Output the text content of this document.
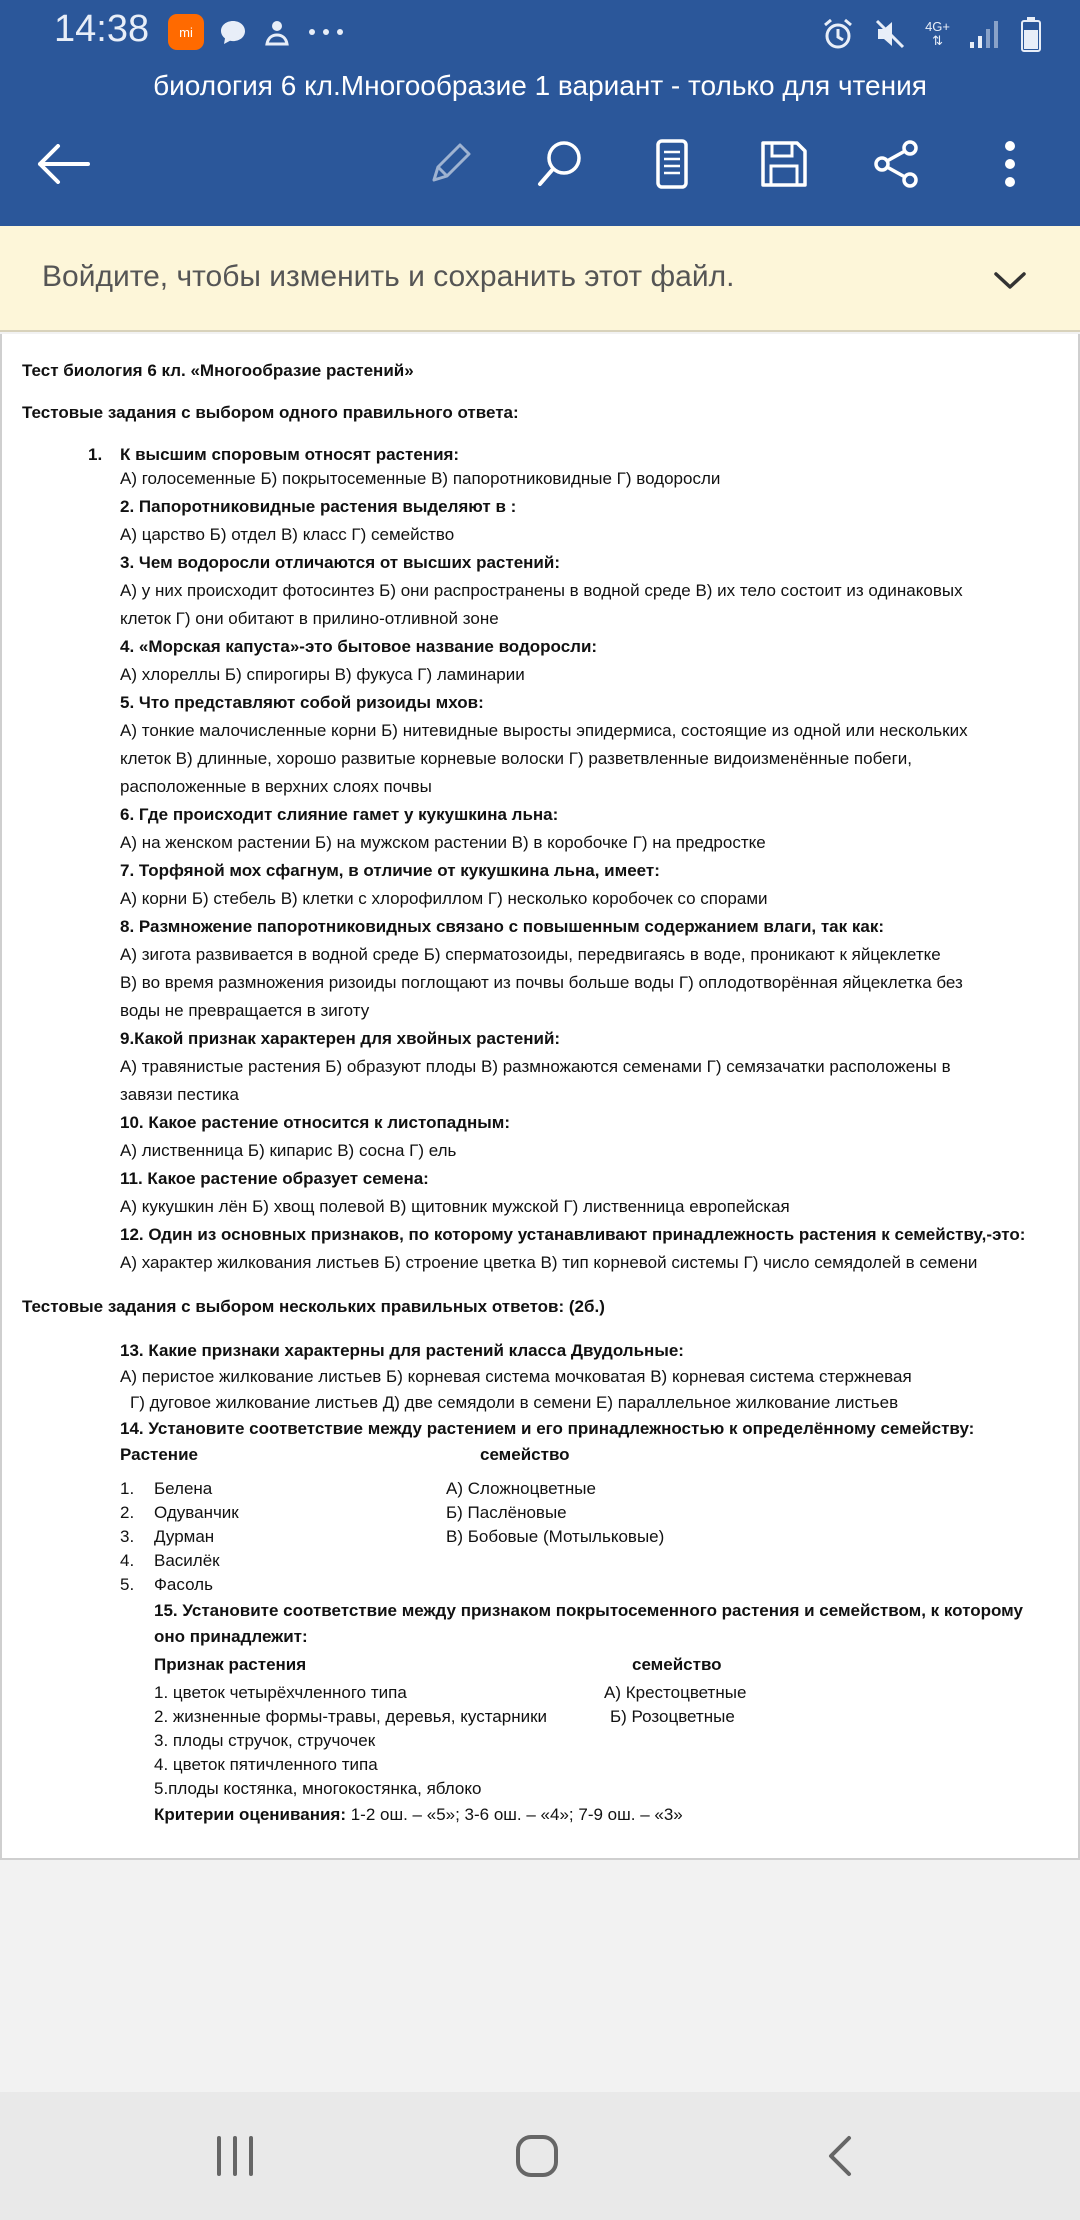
14:38	mi	4G+
⇅
биология 6 кл.Многообразие 1 вариант - только для чтения
Войдите, чтобы изменить и сохранить этот файл.
Тест биология 6 кл. «Многообразие растений»
Тестовые задания с выбором одного правильного ответа:
1. К высшим споровым относят растения:
А) голосеменные Б) покрытосеменные В) папоротниковидные Г) водоросли
2. Папоротниковидные растения выделяют в :
А) царство Б) отдел В) класс Г) семейство
3. Чем водоросли отличаются от высших растений:
А) у них происходит фотосинтез Б) они распространены в водной среде В) их тело состоит из одинаковых
клеток Г) они обитают в прилино-отливной зоне
4. «Морская капуста»-это бытовое название водоросли:
А) хлореллы Б) спирогиры В) фукуса Г) ламинарии
5. Что представляют собой ризоиды мхов:
А) тонкие малочисленные корни Б) нитевидные выросты эпидермиса, состоящие из одной или нескольких
клеток В) длинные, хорошо развитые корневые волоски Г) разветвленные видоизменённые побеги,
расположенные в верхних слоях почвы
6. Где происходит слияние гамет у кукушкина льна:
А) на женском растении Б) на мужском растении В) в коробочке Г) на предростке
7. Торфяной мох сфагнум, в отличие от кукушкина льна, имеет:
А) корни Б) стебель В) клетки с хлорофиллом Г) несколько коробочек со спорами
8. Размножение папоротниковидных связано с повышенным содержанием влаги, так как:
А) зигота развивается в водной среде Б) сперматозоиды, передвигаясь в воде, проникают к яйцеклетке
В) во время размножения ризоиды поглощают из почвы больше воды Г) оплодотворённая яйцеклетка без
воды не превращается в зиготу
9.Какой признак характерен для хвойных растений:
А) травянистые растения Б) образуют плоды В) размножаются семенами Г) семязачатки расположены в
завязи пестика
10. Какое растение относится к листопадным:
А) лиственница Б) кипарис В) сосна Г) ель
11. Какое растение образует семена:
А) кукушкин лён Б) хвощ полевой В) щитовник мужской Г) лиственница европейская
12. Один из основных признаков, по которому устанавливают принадлежность растения к семейству,-это:
А) характер жилкования листьев Б) строение цветка В) тип корневой системы Г) число семядолей в семени
Тестовые задания с выбором нескольких правильных ответов: (2б.)
13. Какие признаки характерны для растений класса Двудольные:
А) перистое жилкование листьев Б) корневая система мочковатая В) корневая система стержневая
Г) дуговое жилкование листьев Д) две семядоли в семени Е) параллельное жилкование листьев
14. Установите соответствие между растением и его принадлежностью к определённому семейству:
Растение	семейство
1. Белена	А) Сложноцветные
2. Одуванчик	Б) Паслёновые
3. Дурман	В) Бобовые (Мотыльковые)
4. Василёк
5. Фасоль
15. Установите соответствие между признаком покрытосеменного растения и семейством, к которому
оно принадлежит:
Признак растения	семейство
1. цветок четырёхчленного типа	А) Крестоцветные
2. жизненные формы-травы, деревья, кустарники	Б) Розоцветные
3. плоды стручок, стручочек
4. цветок пятичленного типа
5.плоды костянка, многокостянка, яблоко
Критерии оценивания: 1-2 ош. – «5»; 3-6 ош. – «4»; 7-9 ош. – «3»
